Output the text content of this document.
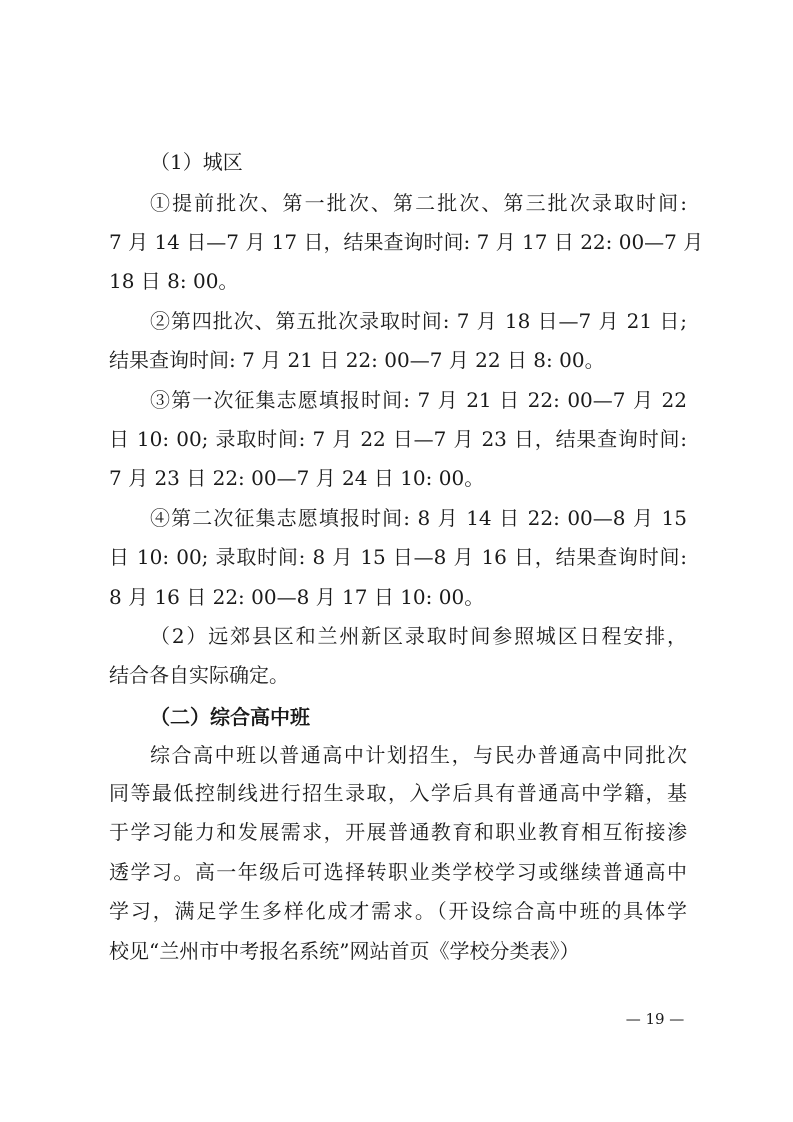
（1）城区
①提前批次、第一批次、第二批次、第三批次录取时间:
7 月 14 日—7 月 17 日，结果查询时间: 7 月 17 日 22: 00—7 月
18 日 8: 00。
②第四批次、第五批次录取时间: 7 月 18 日—7 月 21 日;
结果查询时间: 7 月 21 日 22: 00—7 月 22 日 8: 00。
③第一次征集志愿填报时间: 7 月 21 日 22: 00—7 月 22
日 10: 00; 录取时间: 7 月 22 日—7 月 23 日，结果查询时间:
7 月 23 日 22: 00—7 月 24 日 10: 00。
④第二次征集志愿填报时间: 8 月 14 日 22: 00—8 月 15
日 10: 00; 录取时间: 8 月 15 日—8 月 16 日，结果查询时间:
8 月 16 日 22: 00—8 月 17 日 10: 00。
（2）远郊县区和兰州新区录取时间参照城区日程安排，
结合各自实际确定。
（二）综合高中班
综合高中班以普通高中计划招生，与民办普通高中同批次
同等最低控制线进行招生录取，入学后具有普通高中学籍，基
于学习能力和发展需求，开展普通教育和职业教育相互衔接渗
透学习。高一年级后可选择转职业类学校学习或继续普通高中
学习，满足学生多样化成才需求。（开设综合高中班的具体学
校见“兰州市中考报名系统”网站首页《学校分类表》）
— 19 —
